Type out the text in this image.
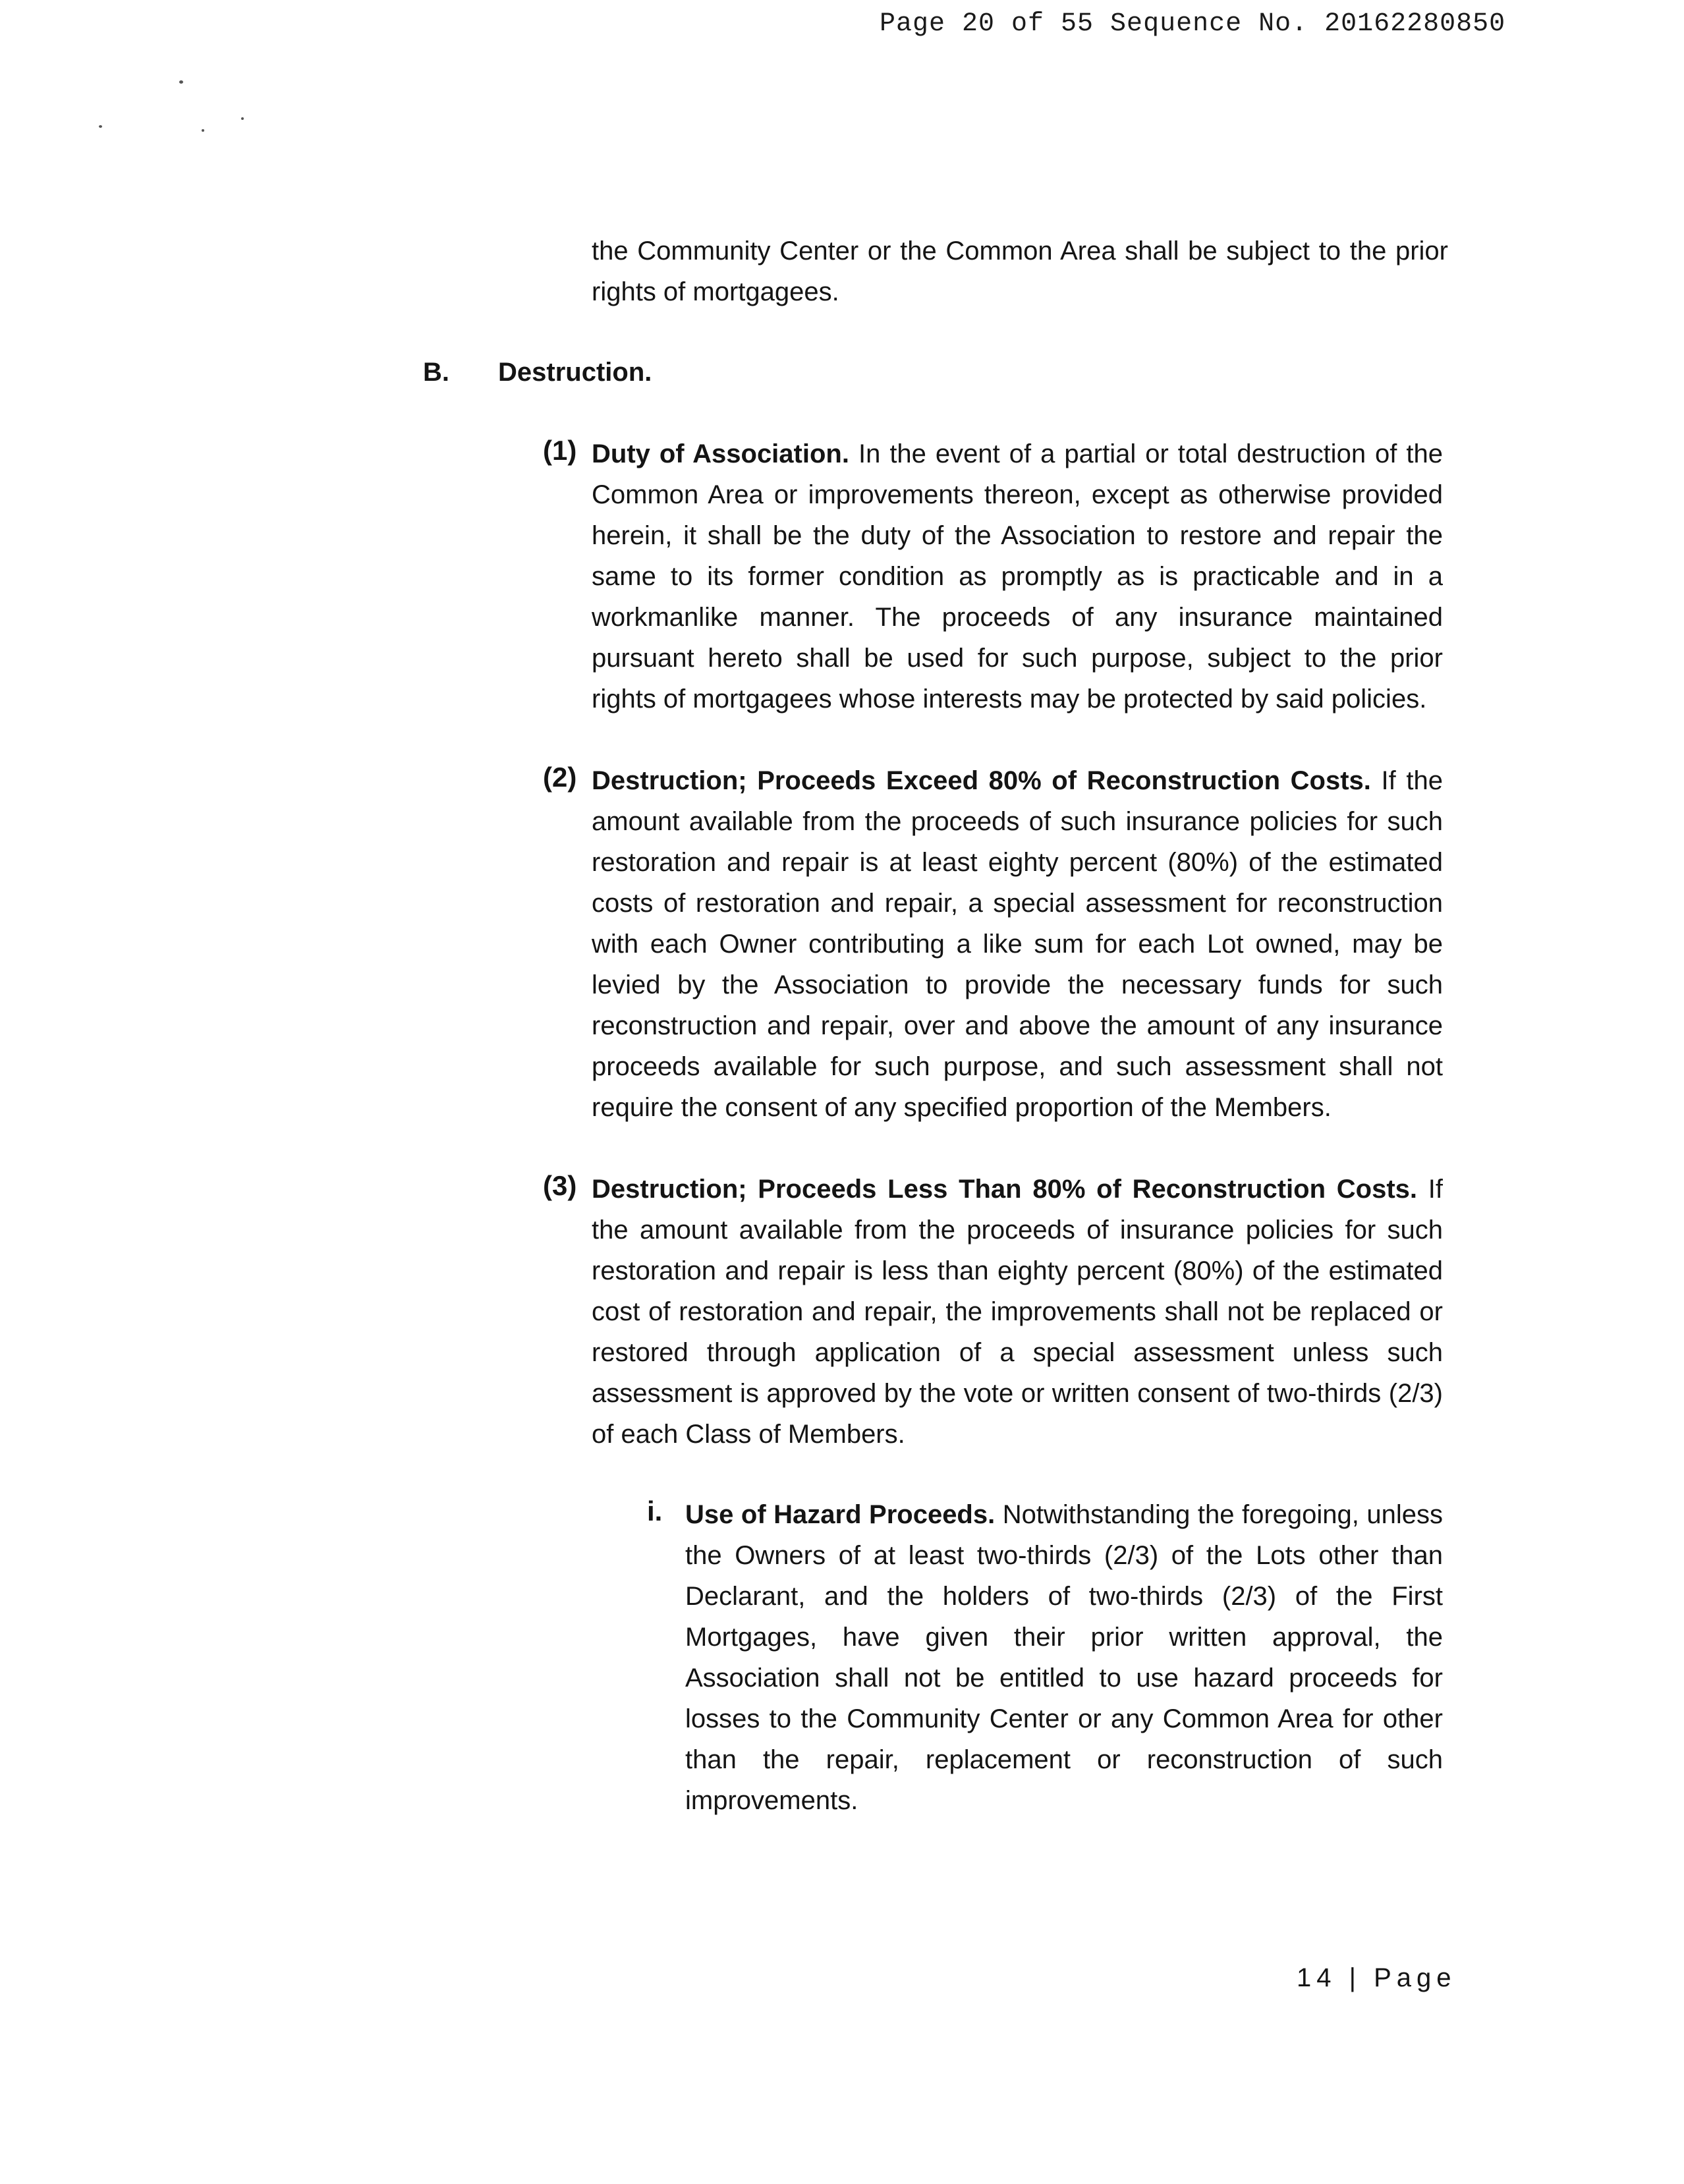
Page 20 of 55 Sequence No. 20162280850

the Community Center or the Common Area shall be subject to the prior rights of mortgagees.

B. Destruction.
(1) Duty of Association. In the event of a partial or total destruction of the Common Area or improvements thereon, except as otherwise provided herein, it shall be the duty of the Association to restore and repair the same to its former condition as promptly as is practicable and in a workmanlike manner. The proceeds of any insurance maintained pursuant hereto shall be used for such purpose, subject to the prior rights of mortgagees whose interests may be protected by said policies.

(2) Destruction; Proceeds Exceed 80% of Reconstruction Costs. If the amount available from the proceeds of such insurance policies for such restoration and repair is at least eighty percent (80%) of the estimated costs of restoration and repair, a special assessment for reconstruction with each Owner contributing a like sum for each Lot owned, may be levied by the Association to provide the necessary funds for such reconstruction and repair, over and above the amount of any insurance proceeds available for such purpose, and such assessment shall not require the consent of any specified proportion of the Members.

(3) Destruction; Proceeds Less Than 80% of Reconstruction Costs. If the amount available from the proceeds of insurance policies for such restoration and repair is less than eighty percent (80%) of the estimated cost of restoration and repair, the improvements shall not be replaced or restored through application of a special assessment unless such assessment is approved by the vote or written consent of two-thirds (2/3) of each Class of Members.

i. Use of Hazard Proceeds. Notwithstanding the foregoing, unless the Owners of at least two-thirds (2/3) of the Lots other than Declarant, and the holders of two-thirds (2/3) of the First Mortgages, have given their prior written approval, the Association shall not be entitled to use hazard proceeds for losses to the Community Center or any Common Area for other than the repair, replacement or reconstruction of such improvements.

14 | Page
